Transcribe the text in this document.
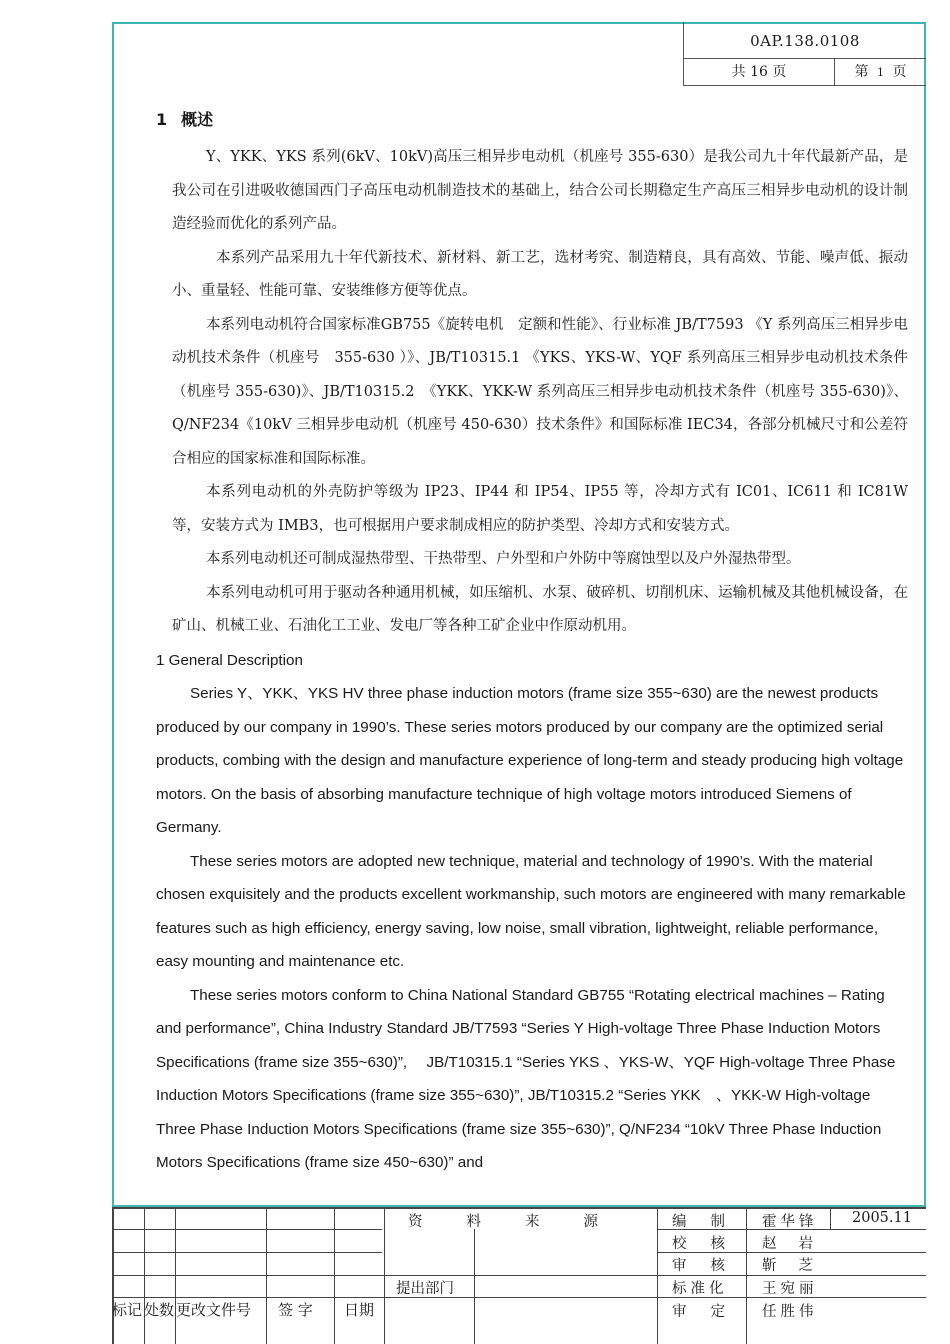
0AP.138.0108
共 16 页	第 1 页
1 概述

Y、YKK、YKS 系列(6kV、10kV)高压三相异步电动机（机座号 355-630）是我公司九十年代最新产品，是我公司在引进吸收德国西门子高压电动机制造技术的基础上，结合公司长期稳定生产高压三相异步电动机的设计制造经验而优化的系列产品。

本系列产品采用九十年代新技术、新材料、新工艺，选材考究、制造精良，具有高效、节能、噪声低、振动小、重量轻、性能可靠、安装维修方便等优点。

本系列电动机符合国家标准GB755《旋转电机　定额和性能》、行业标准 JB/T7593 《Y 系列高压三相异步电动机技术条件（机座号　355-630 ）》、JB/T10315.1 《YKS、YKS-W、YQF 系列高压三相异步电动机技术条件（机座号 355-630)》、JB/T10315.2　《YKK、YKK-W 系列高压三相异步电动机技术条件（机座号 355-630)》、Q/NF234《10kV 三相异步电动机（机座号 450-630）技术条件》和国际标准 IEC34，各部分机械尺寸和公差符合相应的国家标准和国际标准。

本系列电动机的外壳防护等级为 IP23、IP44 和 IP54、IP55 等，冷却方式有 IC01、IC611 和 IC81W 等，安装方式为 IMB3，也可根据用户要求制成相应的防护类型、冷却方式和安装方式。

本系列电动机还可制成湿热带型、干热带型、户外型和户外防中等腐蚀型以及户外湿热带型。

本系列电动机可用于驱动各种通用机械，如压缩机、水泵、破碎机、切削机床、运输机械及其他机械设备，在矿山、机械工业、石油化工工业、发电厂等各种工矿企业中作原动机用。

1 General Description

Series Y、YKK、YKS HV three phase induction motors (frame size 355~630) are the newest products produced by our company in 1990’s. These series motors produced by our company are the optimized serial products, combing with the design and manufacture experience of long-term and steady producing high voltage motors. On the basis of absorbing manufacture technique of high voltage motors introduced Siemens of Germany.

These series motors are adopted new technique, material and technology of 1990’s. With the material chosen exquisitely and the products excellent workmanship, such motors are engineered with many remarkable features such as high efficiency, energy saving, low noise, small vibration, lightweight, reliable performance, easy mounting and maintenance etc.

These series motors conform to China National Standard GB755 “Rotating electrical machines – Rating and performance”, China Industry Standard JB/T7593 “Series Y High-voltage Three Phase Induction Motors Specifications (frame size 355~630)”,　 JB/T10315.1 “Series YKS 、YKS-W、YQF High-voltage Three Phase Induction Motors Specifications (frame size 355~630)”, JB/T10315.2 “Series YKK　、YKK-W High-voltage Three Phase Induction Motors Specifications (frame size 355~630)”, Q/NF234 “10kV Three Phase Induction Motors Specifications (frame size 450~630)” and

资料来源
提出部门
标记 处数 更改文件号 签 字 日期
编制
校核
审核
标准化
审定
霍华锋
赵岩
靳芝
王宛丽
任胜伟
2005.11
